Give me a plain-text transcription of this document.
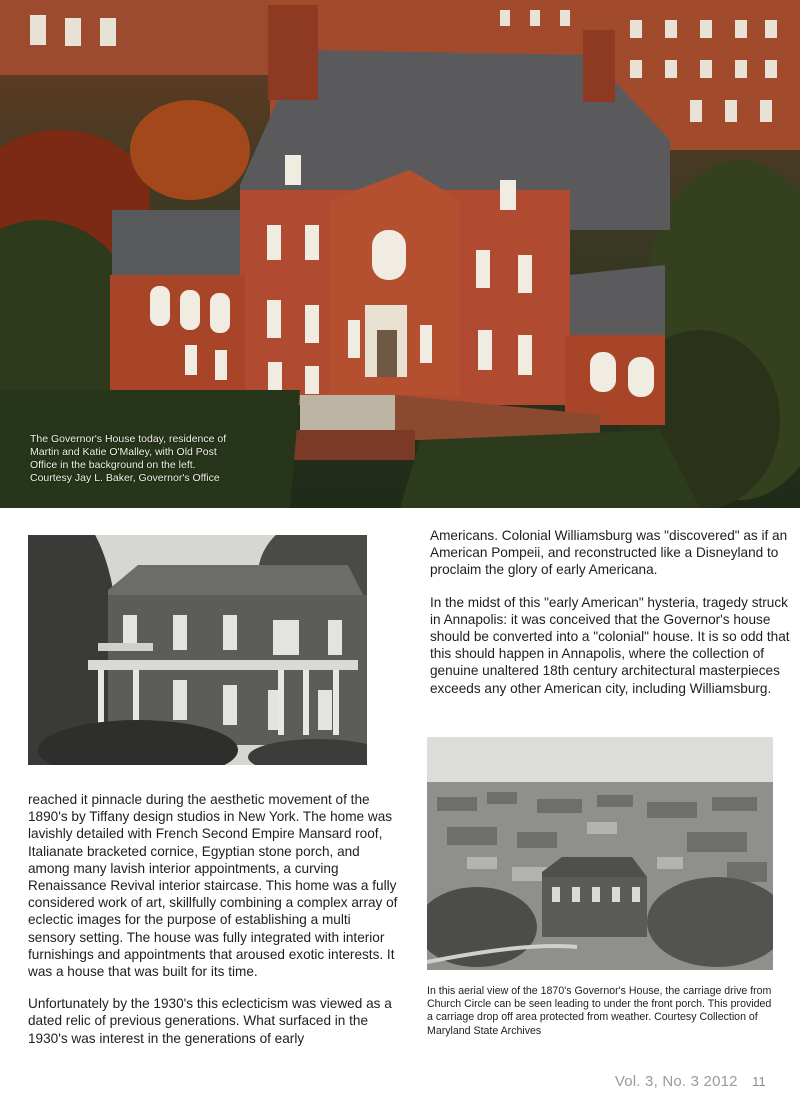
The Governor's House today, residence of
Martin and Katie O'Malley, with Old Post
Office in the background on the left.
Courtesy Jay L. Baker, Governor's Office

Americans. Colonial Williamsburg was "discovered" as if an American Pompeii, and reconstructed like a Disneyland to proclaim the glory of early Americana.

In the midst of this "early American" hysteria, tragedy struck in Annapolis: it was conceived that the Governor's house should be converted into a "colonial" house. It is so odd that this should happen in Annapolis, where the collection of genuine unaltered 18th century architectural masterpieces exceeds any other American city, including Williamsburg.

reached it pinnacle during the aesthetic movement of the 1890's by Tiffany design studios in New York. The home was lavishly detailed with French Second Empire Mansard roof, Italianate bracketed cornice, Egyptian stone porch, and among many lavish interior appointments, a curving Renaissance Revival interior staircase. This home was a fully considered work of art, skillfully combining a complex array of eclectic images for the purpose of establishing a multi sensory setting. The house was fully integrated with interior furnishings and appointments that aroused exotic interests. It was a house that was built for its time.

Unfortunately by the 1930's this eclecticism was viewed as a dated relic of previous generations. What surfaced in the 1930's was interest in the generations of early

In this aerial view of the 1870's Governor's House, the carriage drive from Church Circle can be seen leading to under the front porch. This provided a carriage drop off area protected from weather. Courtesy Collection of Maryland State Archives
Vol. 3, No. 3 2012 11
